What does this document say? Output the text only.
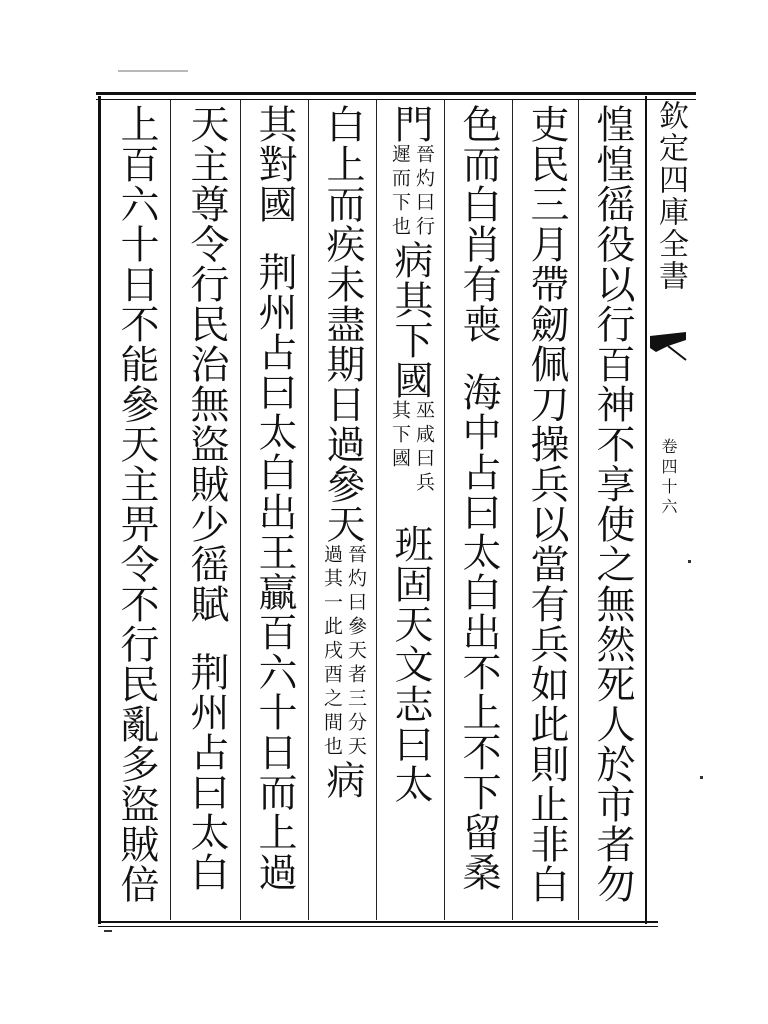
欽定四庫全書
卷四十六
惶惶徭役以行百神不享使之無然死人於市者勿
吏民三月帶劒佩刀操兵以當有兵如此則止非白
色而白肖有喪海中占曰太白出不上不下留桑
門晉灼曰行
遲而下也病其下國巫咸曰兵
其下國班固天文志曰太
白上而疾未盡期日過參天晉灼曰參天者三分天
過其一此戌酉之間也病
其對國荆州占曰太白出王贏百六十日而上過
天主尊令行民治無盜賊少徭賦荆州占曰太白
上百六十日不能參天主畀令不行民亂多盜賊倍
